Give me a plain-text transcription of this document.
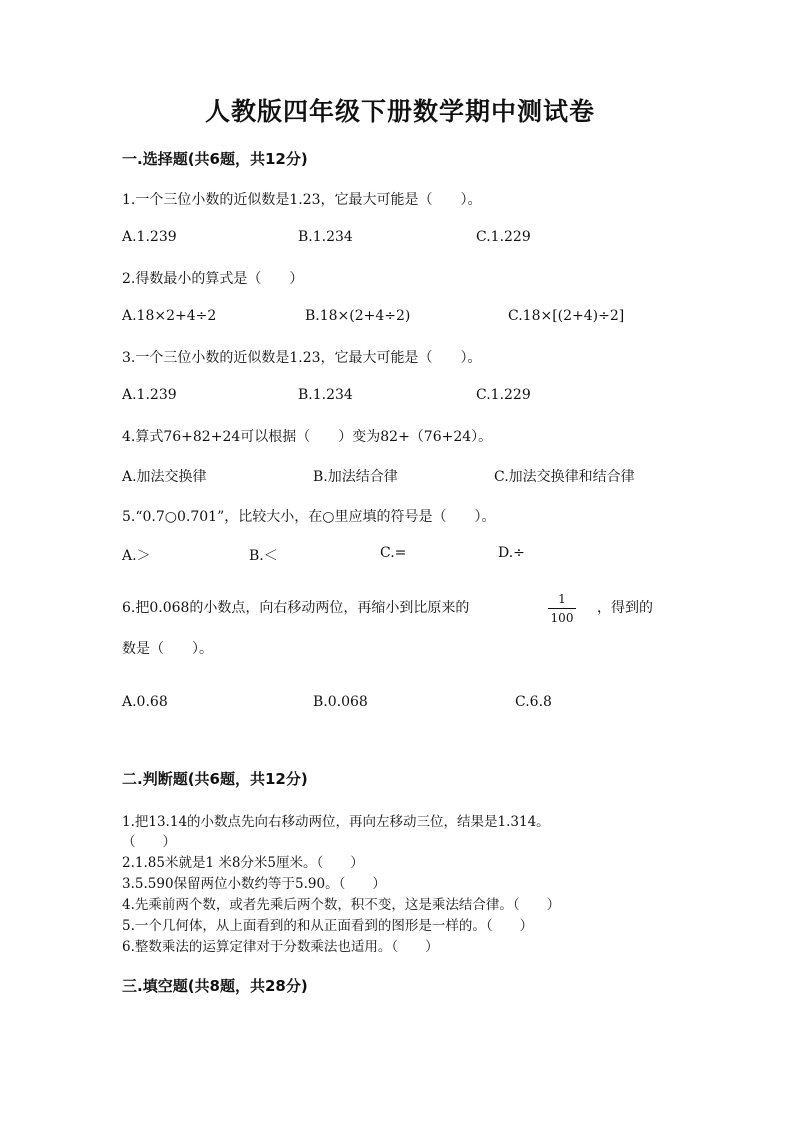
人教版四年级下册数学期中测试卷
一.选择题(共6题，共12分)
1.一个三位小数的近似数是1.23，它最大可能是（　　）。
A.1.239	B.1.234	C.1.229
2.得数最小的算式是（　　）
A.18×2+4÷2	B.18×(2+4÷2)	C.18×[(2+4)÷2]
3.一个三位小数的近似数是1.23，它最大可能是（　　）。
A.1.239	B.1.234	C.1.229
4.算式76+82+24可以根据（　　）变为82+（76+24）。
A.加法交换律	B.加法结合律	C.加法交换律和结合律
5.“0.7○0.701”，比较大小，在○里应填的符号是（　　）。
A.＞	B.＜	C.=	D.÷
6.把0.068的小数点，向右移动两位，再缩小到比原来的
1
100
，得到的
数是（　　）。
A.0.68	B.0.068	C.6.8
二.判断题(共6题，共12分)
1.把13.14的小数点先向右移动两位，再向左移动三位，结果是1.314。
（　　）
2.1.85米就是1 米8分米5厘米。（　　）
3.5.590保留两位小数约等于5.90。（　　）
4.先乘前两个数，或者先乘后两个数，积不变，这是乘法结合律。（　　）
5.一个几何体，从上面看到的和从正面看到的图形是一样的。（　　）
6.整数乘法的运算定律对于分数乘法也适用。（　　）
三.填空题(共8题，共28分)
